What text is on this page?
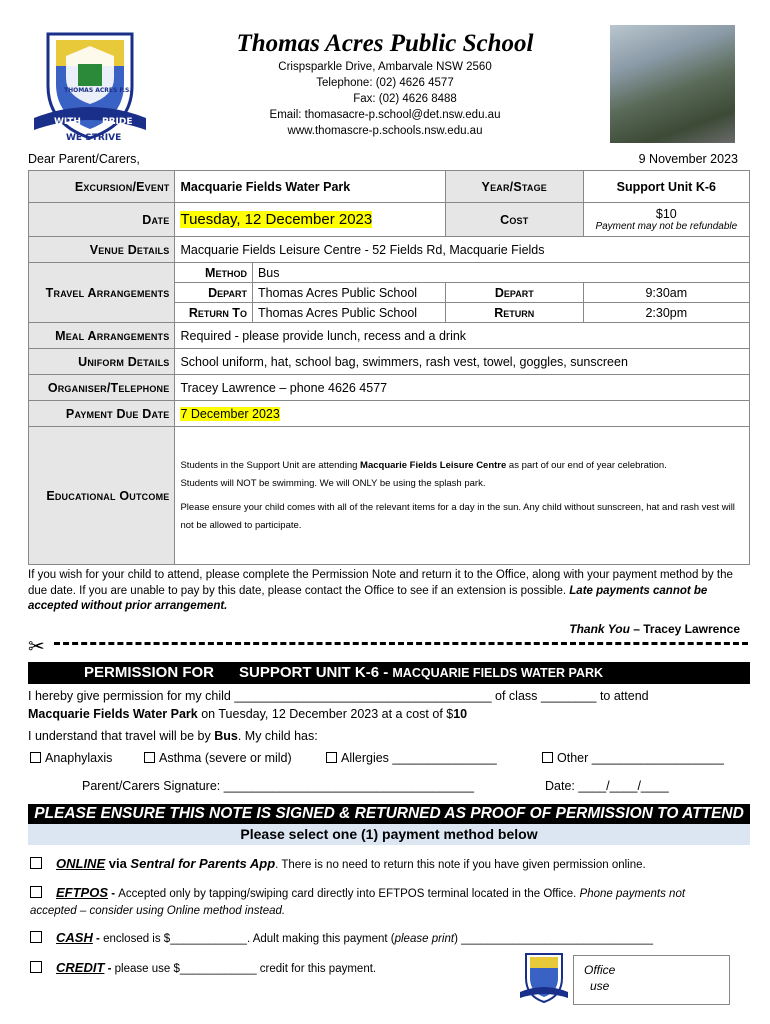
WITH PRIDE
WE STRIVE
THOMAS ACRES P.S.
Thomas Acres Public School
Crispsparkle Drive, Ambarvale NSW 2560
Telephone: (02) 4626 4577
Fax: (02) 4626 8488
Email: thomasacre-p.school@det.nsw.edu.au
www.thomascre-p.schools.nsw.edu.au
Dear Parent/Carers,	9 November 2023
Excursion/Event	Macquarie Fields Water Park		Year/Stage	Support Unit K-6
Date	Tuesday, 12 December 2023		Cost	$10
Payment may not be refundable

Venue Details	Macquarie Fields Leisure Centre - 52 Fields Rd, Macquarie Fields			
Travel Arrangements	Method	Bus		
	Depart	Thomas Acres Public School	Depart	9:30am
	Return To	Thomas Acres Public School	Return	2:30pm
Meal Arrangements	Required - please provide lunch, recess and a drink			
Uniform Details	School uniform, hat, school bag, swimmers, rash vest, towel, goggles, sunscreen			
Organiser/Telephone	Tracey Lawrence – phone 4626 4577			
Payment Due Date	7 December 2023			
Educational Outcome	Students in the Support Unit are attending Macquarie Fields Leisure Centre as part of our end of year celebration.

Students will NOT be swimming. We will ONLY be using the splash park.

Please ensure your child comes with all of the relevant items for a day in the sun. Any child without sunscreen, hat and rash vest will not be allowed to participate.			

If you wish for your child to attend, please complete the Permission Note and return it to the Office, along with your payment method by the due date. If you are unable to pay by this date, please contact the Office to see if an extension is possible. Late payments cannot be accepted without prior arrangement.
Thank You – Tracey Lawrence
✂
PERMISSION FOR SUPPORT UNIT K-6 - MACQUARIE FIELDS WATER PARK
I hereby give permission for my child _____________________________________ of class ________ to attend
Macquarie Fields Water Park on Tuesday, 12 December 2023 at a cost of $10
I understand that travel will be by Bus. My child has:
Anaphylaxis	Asthma (severe or mild)	Allergies _______________	Other ___________________
Parent/Carers Signature: ____________________________________	Date: ____/____/____
PLEASE ENSURE THIS NOTE IS SIGNED & RETURNED AS PROOF OF PERMISSION TO ATTEND
Please select one (1) payment method below
ONLINE via Sentral for Parents App. There is no need to return this note if you have given permission online.
EFTPOS - Accepted only by tapping/swiping card directly into EFTPOS terminal located in the Office. Phone payments not accepted – consider using Online method instead.
CASH - enclosed is $____________. Adult making this payment (please print) ______________________________
CREDIT - please use $____________ credit for this payment.	Office
use
